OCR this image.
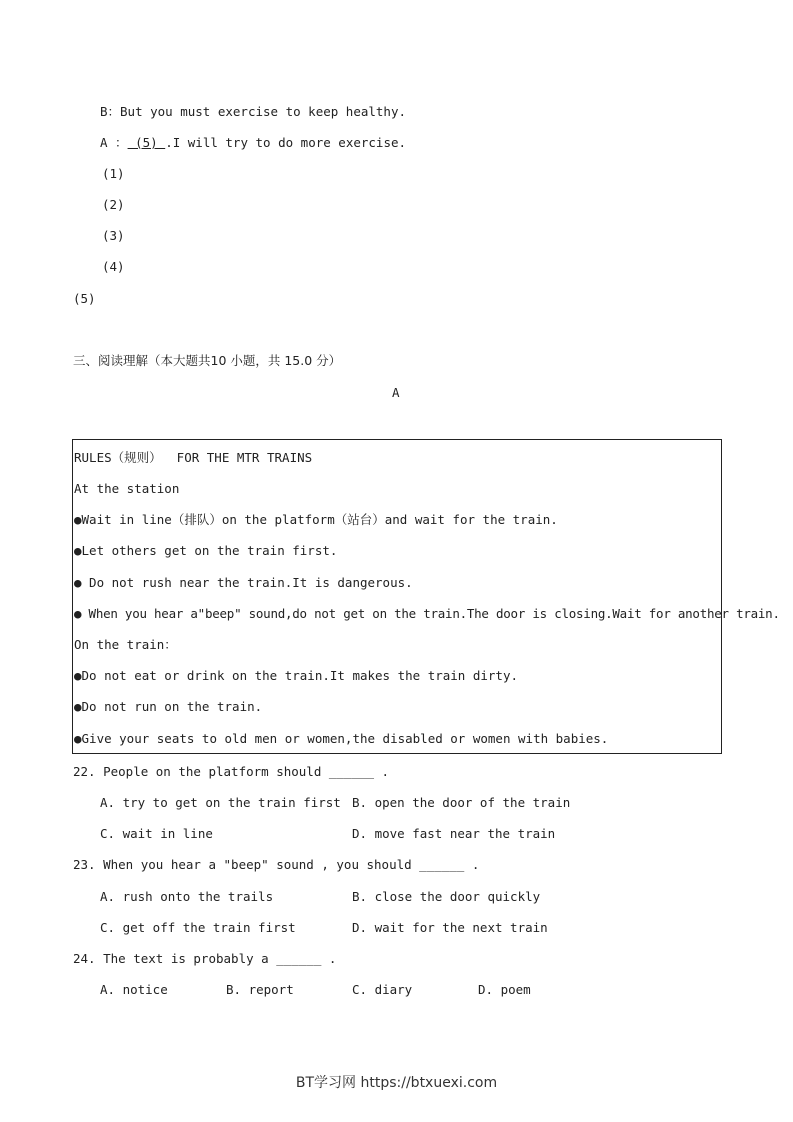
B：But you must exercise to keep healthy.
A ： (5) .I will try to do more exercise.
(1)
(2)
(3)
(4)
(5)
三、阅读理解（本大题共10 小题，共 15.0 分）
A
RULES（规则）  FOR THE MTR TRAINS
At the station
●Wait in line（排队）on the platform（站台）and wait for the train.
●Let others get on the train first.
● Do not rush near the train.It is dangerous.
● When you hear a"beep" sound,do not get on the train.The door is closing.Wait for another train.
On the train：
●Do not eat or drink on the train.It makes the train dirty.
●Do not run on the train.
●Give your seats to old men or women,the disabled or women with babies.
22. People on the platform should ______ .
A. try to get on the train first B. open the door of the train
C. wait in line	D. move fast near the train
23. When you hear a "beep" sound , you should ______ .
A. rush onto the trails	B. close the door quickly
C. get off the train first	D. wait for the next train
24. The text is probably a ______ .
A. notice	B. report	C. diary	D. poem
BT学习网 https://btxuexi.com
